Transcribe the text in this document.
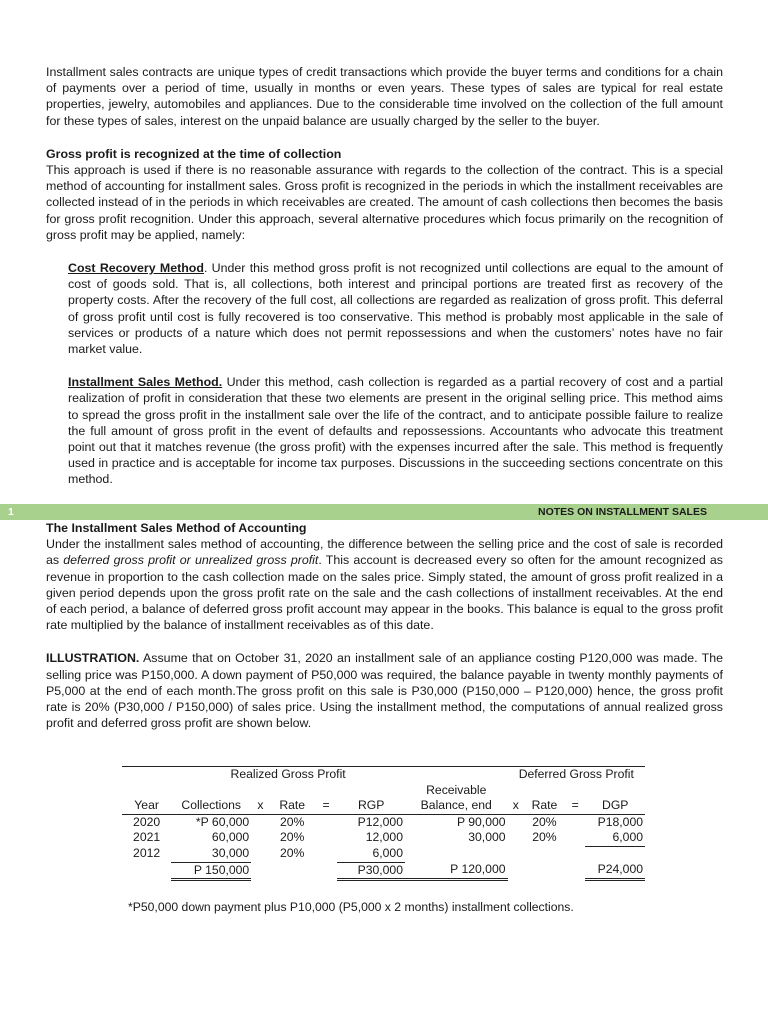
Installment sales contracts are unique types of credit transactions which provide the buyer terms and conditions for a chain of payments over a period of time, usually in months or even years. These types of sales are typical for real estate properties, jewelry, automobiles and appliances. Due to the considerable time involved on the collection of the full amount for these types of sales, interest on the unpaid balance are usually charged by the seller to the buyer.

Gross profit is recognized at the time of collection

This approach is used if there is no reasonable assurance with regards to the collection of the contract. This is a special method of accounting for installment sales. Gross profit is recognized in the periods in which the installment receivables are collected instead of in the periods in which receivables are created. The amount of cash collections then becomes the basis for gross profit recognition. Under this approach, several alternative procedures which focus primarily on the recognition of gross profit may be applied, namely:

Cost Recovery Method. Under this method gross profit is not recognized until collections are equal to the amount of cost of goods sold. That is, all collections, both interest and principal portions are treated first as recovery of the property costs. After the recovery of the full cost, all collections are regarded as realization of gross profit. This deferral of gross profit until cost is fully recovered is too conservative. This method is probably most applicable in the sale of services or products of a nature which does not permit repossessions and when the customers’ notes have no fair market value.

Installment Sales Method. Under this method, cash collection is regarded as a partial recovery of cost and a partial realization of profit in consideration that these two elements are present in the original selling price. This method aims to spread the gross profit in the installment sale over the life of the contract, and to anticipate possible failure to realize the full amount of gross profit in the event of defaults and repossessions. Accountants who advocate this treatment point out that it matches revenue (the gross profit) with the expenses incurred after the sale. This method is frequently used in practice and is acceptable for income tax purposes. Discussions in the succeeding sections concentrate on this method.

1	NOTES ON INSTALLMENT SALES

The Installment Sales Method of Accounting

Under the installment sales method of accounting, the difference between the selling price and the cost of sale is recorded as deferred gross profit or unrealized gross profit. This account is decreased every so often for the amount recognized as revenue in proportion to the cash collection made on the sales price. Simply stated, the amount of gross profit realized in a given period depends upon the gross profit rate on the sale and the cash collections of installment receivables. At the end of each period, a balance of deferred gross profit account may appear in the books. This balance is equal to the gross profit rate multiplied by the balance of installment receivables as of this date.

ILLUSTRATION. Assume that on October 31, 2020 an installment sale of an appliance costing P120,000 was made. The selling price was P150,000. A down payment of P50,000 was required, the balance payable in twenty monthly payments of P5,000 at the end of each month.The gross profit on this sale is P30,000 (P150,000 – P120,000) hence, the gross profit rate is 20% (P30,000 / P150,000) of sales price. Using the installment method, the computations of annual realized gross profit and deferred gross profit are shown below.

	Realized Gross Profit						Deferred Gross Profit			
						Receivable				
Year	Collections	x	Rate	=	RGP	Balance, end	x	Rate	=	DGP
2020	*P 60,000		20%		P12,000	P 90,000		20%		P18,000
2021	60,000		20%		12,000	30,000		20%		6,000
2012	30,000		20%		6,000					
	P 150,000				P30,000	P 120,000				P24,000
*P50,000 down payment plus P10,000 (P5,000 x 2 months) installment collections.
